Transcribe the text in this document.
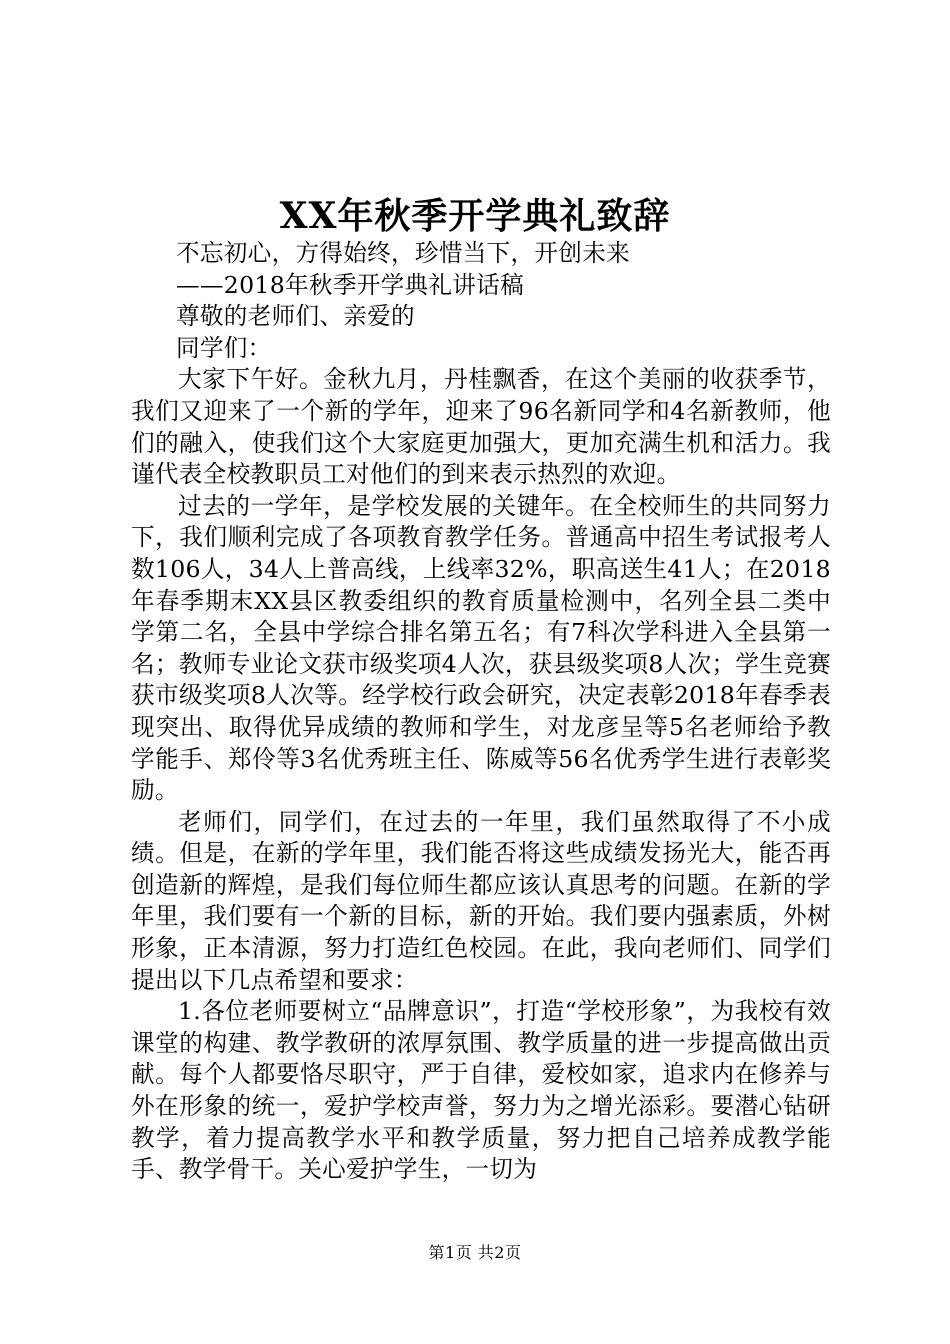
XX年秋季开学典礼致辞

不忘初心，方得始终，珍惜当下，开创未来

——2018年秋季开学典礼讲话稿

尊敬的老师们、亲爱的

同学们：

大家下午好。金秋九月，丹桂飘香，在这个美丽的收获季节，我们又迎来了一个新的学年，迎来了96名新同学和4名新教师，他们的融入，使我们这个大家庭更加强大，更加充满生机和活力。我谨代表全校教职员工对他们的到来表示热烈的欢迎。

过去的一学年，是学校发展的关键年。在全校师生的共同努力下，我们顺利完成了各项教育教学任务。普通高中招生考试报考人数106人，34人上普高线，上线率32%，职高送生41人；在2018年春季期末XX县区教委组织的教育质量检测中，名列全县二类中学第二名，全县中学综合排名第五名；有7科次学科进入全县第一名；教师专业论文获市级奖项4人次，获县级奖项8人次；学生竞赛获市级奖项8人次等。经学校行政会研究，决定表彰2018年春季表现突出、取得优异成绩的教师和学生，对龙彦呈等5名老师给予教学能手、郑伶等3名优秀班主任、陈威等56名优秀学生进行表彰奖励。

老师们，同学们，在过去的一年里，我们虽然取得了不小成绩。但是，在新的学年里，我们能否将这些成绩发扬光大，能否再创造新的辉煌，是我们每位师生都应该认真思考的问题。在新的学年里，我们要有一个新的目标，新的开始。我们要内强素质，外树形象，正本清源，努力打造红色校园。在此，我向老师们、同学们提出以下几点希望和要求：

1.各位老师要树立“品牌意识”，打造“学校形象”，为我校有效课堂的构建、教学教研的浓厚氛围、教学质量的进一步提高做出贡献。每个人都要恪尽职守，严于自律，爱校如家，追求内在修养与外在形象的统一，爱护学校声誉，努力为之增光添彩。要潜心钻研教学，着力提高教学水平和教学质量，努力把自己培养成教学能手、教学骨干。关心爱护学生，一切为

第1页 共2页
